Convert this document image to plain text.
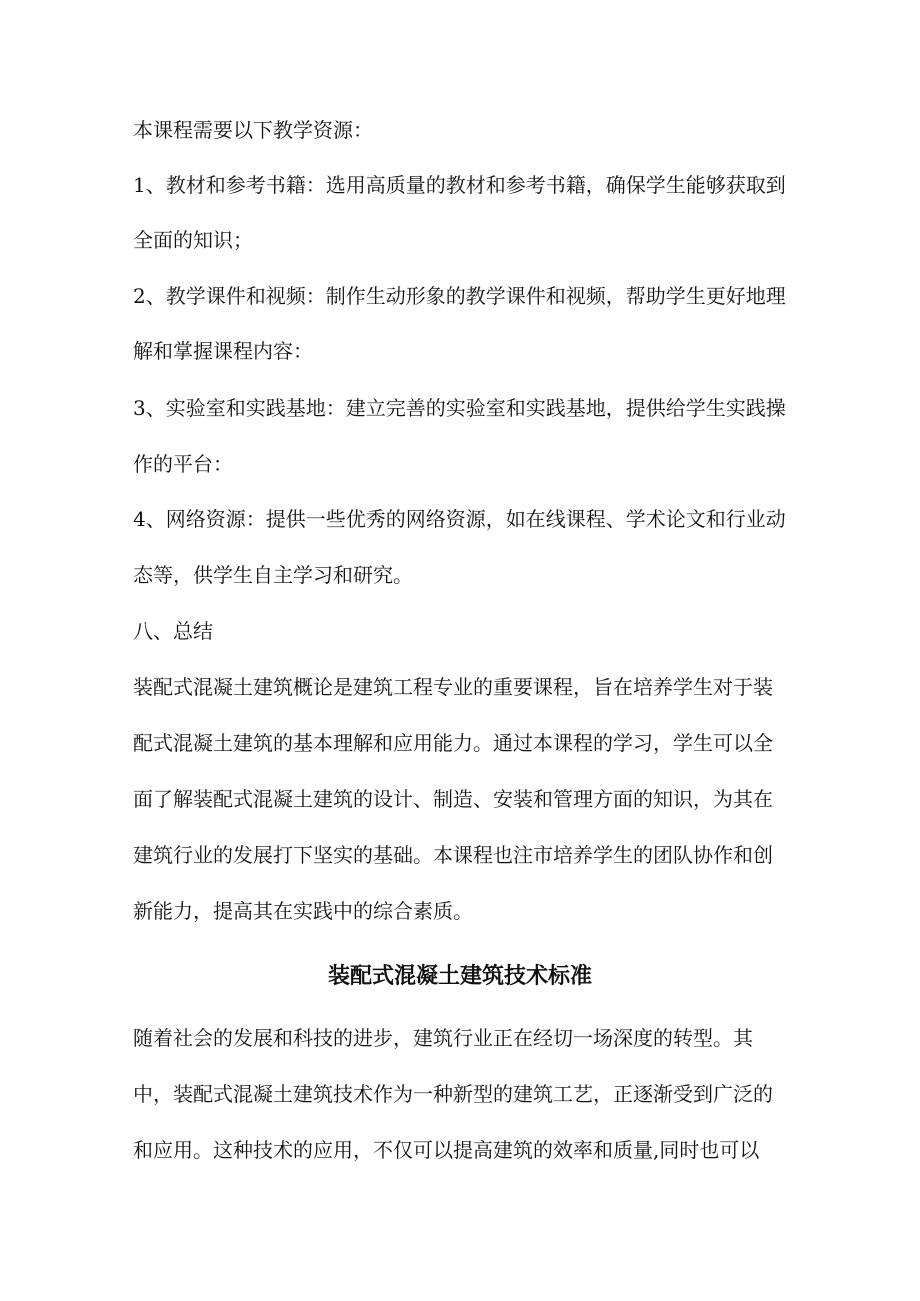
本课程需要以下教学资源：

1、教材和参考书籍：选用高质量的教材和参考书籍，确保学生能够获取到

全面的知识；

2、教学课件和视频：制作生动形象的教学课件和视频，帮助学生更好地理

解和掌握课程内容：

3、实验室和实践基地：建立完善的实验室和实践基地，提供给学生实践操

作的平台：

4、网络资源：提供一些优秀的网络资源，如在线课程、学术论文和行业动

态等，供学生自主学习和研究。

八、总结

装配式混凝土建筑概论是建筑工程专业的重要课程，旨在培养学生对于装

配式混凝土建筑的基本理解和应用能力。通过本课程的学习，学生可以全

面了解装配式混凝土建筑的设计、制造、安装和管理方面的知识，为其在

建筑行业的发展打下坚实的基础。本课程也注市培养学生的团队协作和创

新能力，提高其在实践中的综合素质。

装配式混凝土建筑技术标准

随着社会的发展和科技的进步，建筑行业正在经切一场深度的转型。其

中，装配式混凝土建筑技术作为一种新型的建筑工艺，正逐渐受到广泛的

和应用。这种技术的应用，不仅可以提高建筑的效率和质量,同时也可以
